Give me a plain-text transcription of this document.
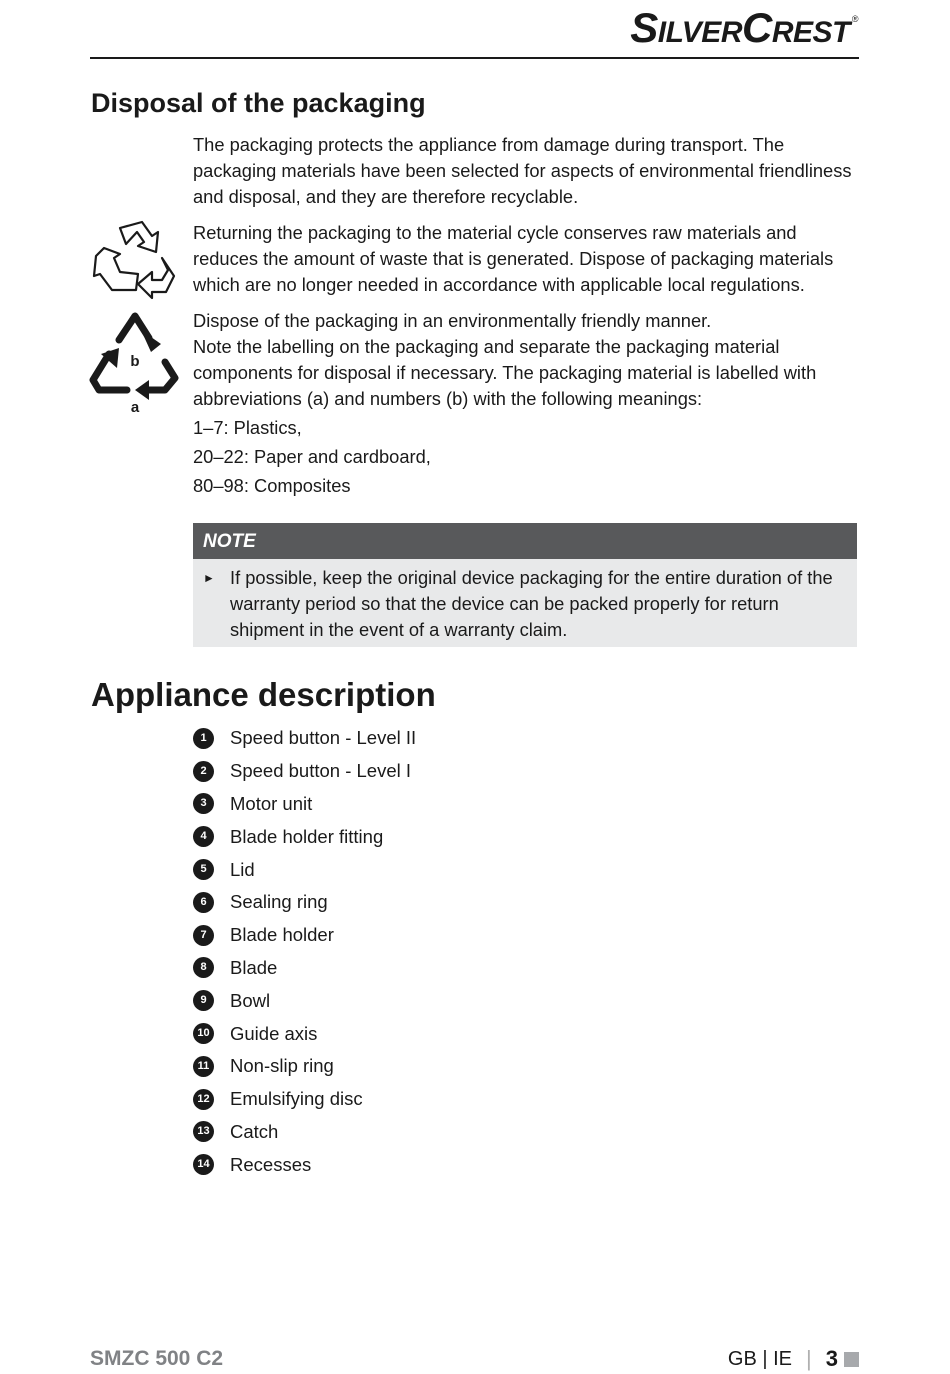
SILVERCREST ®
Disposal of the packaging

The packaging protects the appliance from damage during transport. The packaging materials have been selected for aspects of environmental friendliness and disposal, and they are therefore recyclable.

Returning the packaging to the material cycle conserves raw materials and reduces the amount of waste that is generated. Dispose of packaging materials which are no longer needed in accordance with applicable local regulations.

b
a

Dispose of the packaging in an environmentally friendly manner.

Note the labelling on the packaging and separate the packaging material components for disposal if necessary. The packaging material is labelled with abbreviations (a) and numbers (b) with the following meanings:

1–7: Plastics,

20–22: Paper and cardboard,

80–98: Composites

NOTE
► If possible, keep the original device packaging for the entire duration of the warranty period so that the device can be packed properly for return shipment in the event of a warranty claim.

Appliance description
1	Speed button - Level II
2	Speed button - Level I
3	Motor unit
4	Blade holder fitting
5	Lid
6	Sealing ring
7	Blade holder
8	Blade
9	Bowl
10 Guide axis
11 Non-slip ring
12 Emulsifying disc
13 Catch
14 Recesses
SMZC 500 C2	GB | IE | 3
